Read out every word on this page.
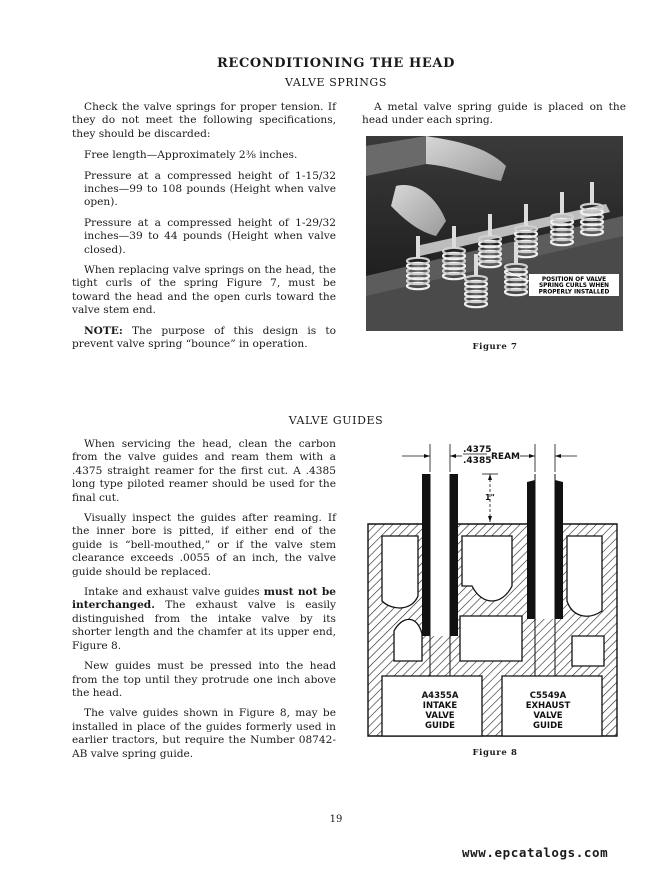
RECONDITIONING THE HEAD
VALVE SPRINGS

Check the valve springs for proper tension. If they do not meet the following specifications, they should be discarded:

Free length—Approximately 2⅜ inches.

Pressure at a compressed height of 1-15/32 inches—99 to 108 pounds (Height when valve open).

Pressure at a compressed height of 1-29/32 inches—39 to 44 pounds (Height when valve closed).

When replacing valve springs on the head, the tight curls of the spring Figure 7, must be toward the head and the open curls toward the valve stem end.

NOTE: The purpose of this design is to prevent valve spring “bounce” in operation.

A metal valve spring guide is placed on the head under each spring.

POSITION OF VALVE
SPRING CURLS WHEN
PROPERLY INSTALLED
Figure 7
VALVE GUIDES

When servicing the head, clean the carbon from the valve guides and ream them with a .4375 straight reamer for the first cut. A .4385 long type piloted reamer should be used for the final cut.

Visually inspect the guides after reaming. If the inner bore is pitted, if either end of the guide is “bell-mouthed,” or if the valve stem clearance exceeds .0055 of an inch, the valve guide should be replaced.

Intake and exhaust valve guides must not be interchanged. The exhaust valve is easily distinguished from the intake valve by its shorter length and the chamfer at its upper end, Figure 8.

New guides must be pressed into the head from the top until they protrude one inch above the head.

The valve guides shown in Figure 8, may be installed in place of the guides formerly used in earlier tractors, but require the Number 08742-AB valve spring guide.

.4375
.4385 REAM
1"
A4355A
INTAKE
VALVE
GUIDE
C5549A
EXHAUST
VALVE
GUIDE
Figure 8
19
www.epcatalogs.com
